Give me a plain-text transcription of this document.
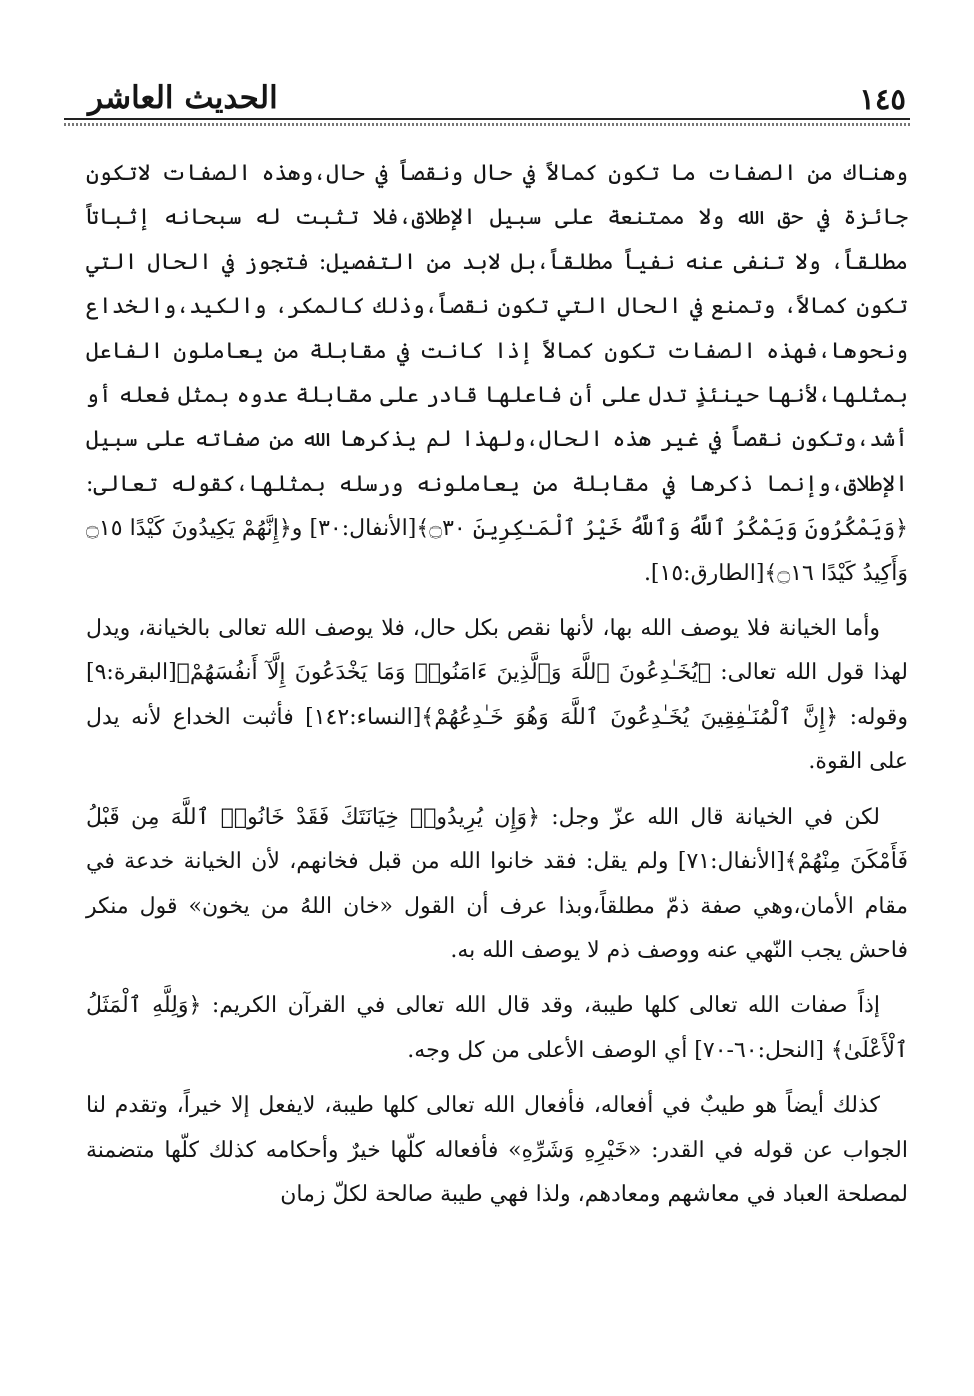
١٤٥
الحديث العاشر

وهناك من الصفات ما تكون كمالاً في حال ونقصاً في حال،وهذه الصفات لاتكون جائزة في حق الله ولا ممتنعة على سبيل الإطلاق،فلا تثبت له سبحانه إثباتاً مطلقاً، ولا تنفى عنه نفياً مطلقاً،بل لابد من التفصيل: فتجوز في الحال التي تكون كمالاً، وتمنع في الحال التي تكون نقصاً،وذلك كالمكر، والكيد،والخداع ونحوها،فهذه الصفات تكون كمالاً إذا كانت في مقابلة من يعاملون الفاعل بمثلها،لأنها حينئذٍ تدل على أن فاعلها قادر على مقابلة عدوه بمثل فعله أو أشد،وتكون نقصاً في غير هذه الحال،ولهذا لم يذكرها الله من صفاته على سبيل الإطلاق،وإنما ذكرها في مقابلة من يعاملونه ورسله بمثلها،كقوله تعالى: ﴿وَيَمْكُرُونَ وَيَمْكُرُ ٱللَّهُ وَٱللَّهُ خَيْرُ ٱلْمَـٰكِرِينَ ۝٣٠﴾[الأنفال:٣٠] و﴿إِنَّهُمْ يَكِيدُونَ كَيْدًا ۝١٥ وَأَكِيدُ كَيْدًا ۝١٦﴾[الطارق:١٥].

وأما الخيانة فلا يوصف الله بها، لأنها نقص بكل حال، فلا يوصف الله تعالى بالخيانة، ويدل لهذا قول الله تعالى: ﴿يُخَـٰدِعُونَ ٱللَّهَ وَٱلَّذِينَ ءَامَنُوا۟ وَمَا يَخْدَعُونَ إِلَّآ أَنفُسَهُمْ﴾[البقرة:٩] وقوله: ﴿إِنَّ ٱلْمُنَـٰفِقِينَ يُخَـٰدِعُونَ ٱللَّهَ وَهُوَ خَـٰدِعُهُمْ﴾[النساء:١٤٢] فأثبت الخداع لأنه يدل على القوة.

لكن في الخيانة قال الله عزّ وجل: ﴿وَإِن يُرِيدُوا۟ خِيَانَتَكَ فَقَدْ خَانُوا۟ ٱللَّهَ مِن قَبْلُ فَأَمْكَنَ مِنْهُمْ﴾[الأنفال:٧١] ولم يقل: فقد خانوا الله من قبل فخانهم، لأن الخيانة خدعة في مقام الأمان،وهي صفة ذمّ مطلقاً،وبذا عرف أن القول «خان اللهُ من يخون» قول منكر فاحش يجب النّهي عنه ووصف ذم لا يوصف الله به.

إذاً صفات الله تعالى كلها طيبة، وقد قال الله تعالى في القرآن الكريم: ﴿وَلِلَّهِ ٱلْمَثَلُ ٱلْأَعْلَىٰ﴾ [النحل:٦٠-٧٠] أي الوصف الأعلى من كل وجه.

كذلك أيضاً هو طيبٌ في أفعاله، فأفعال الله تعالى كلها طيبة، لايفعل إلا خيراً، وتقدم لنا الجواب عن قوله في القدر: «خَيْرِهِ وَشَرِّهِ» فأفعاله كلّها خيرٌ وأحكامه كذلك كلّها متضمنة لمصلحة العباد في معاشهم ومعادهم، ولذا فهي طيبة صالحة لكلّ زمان
